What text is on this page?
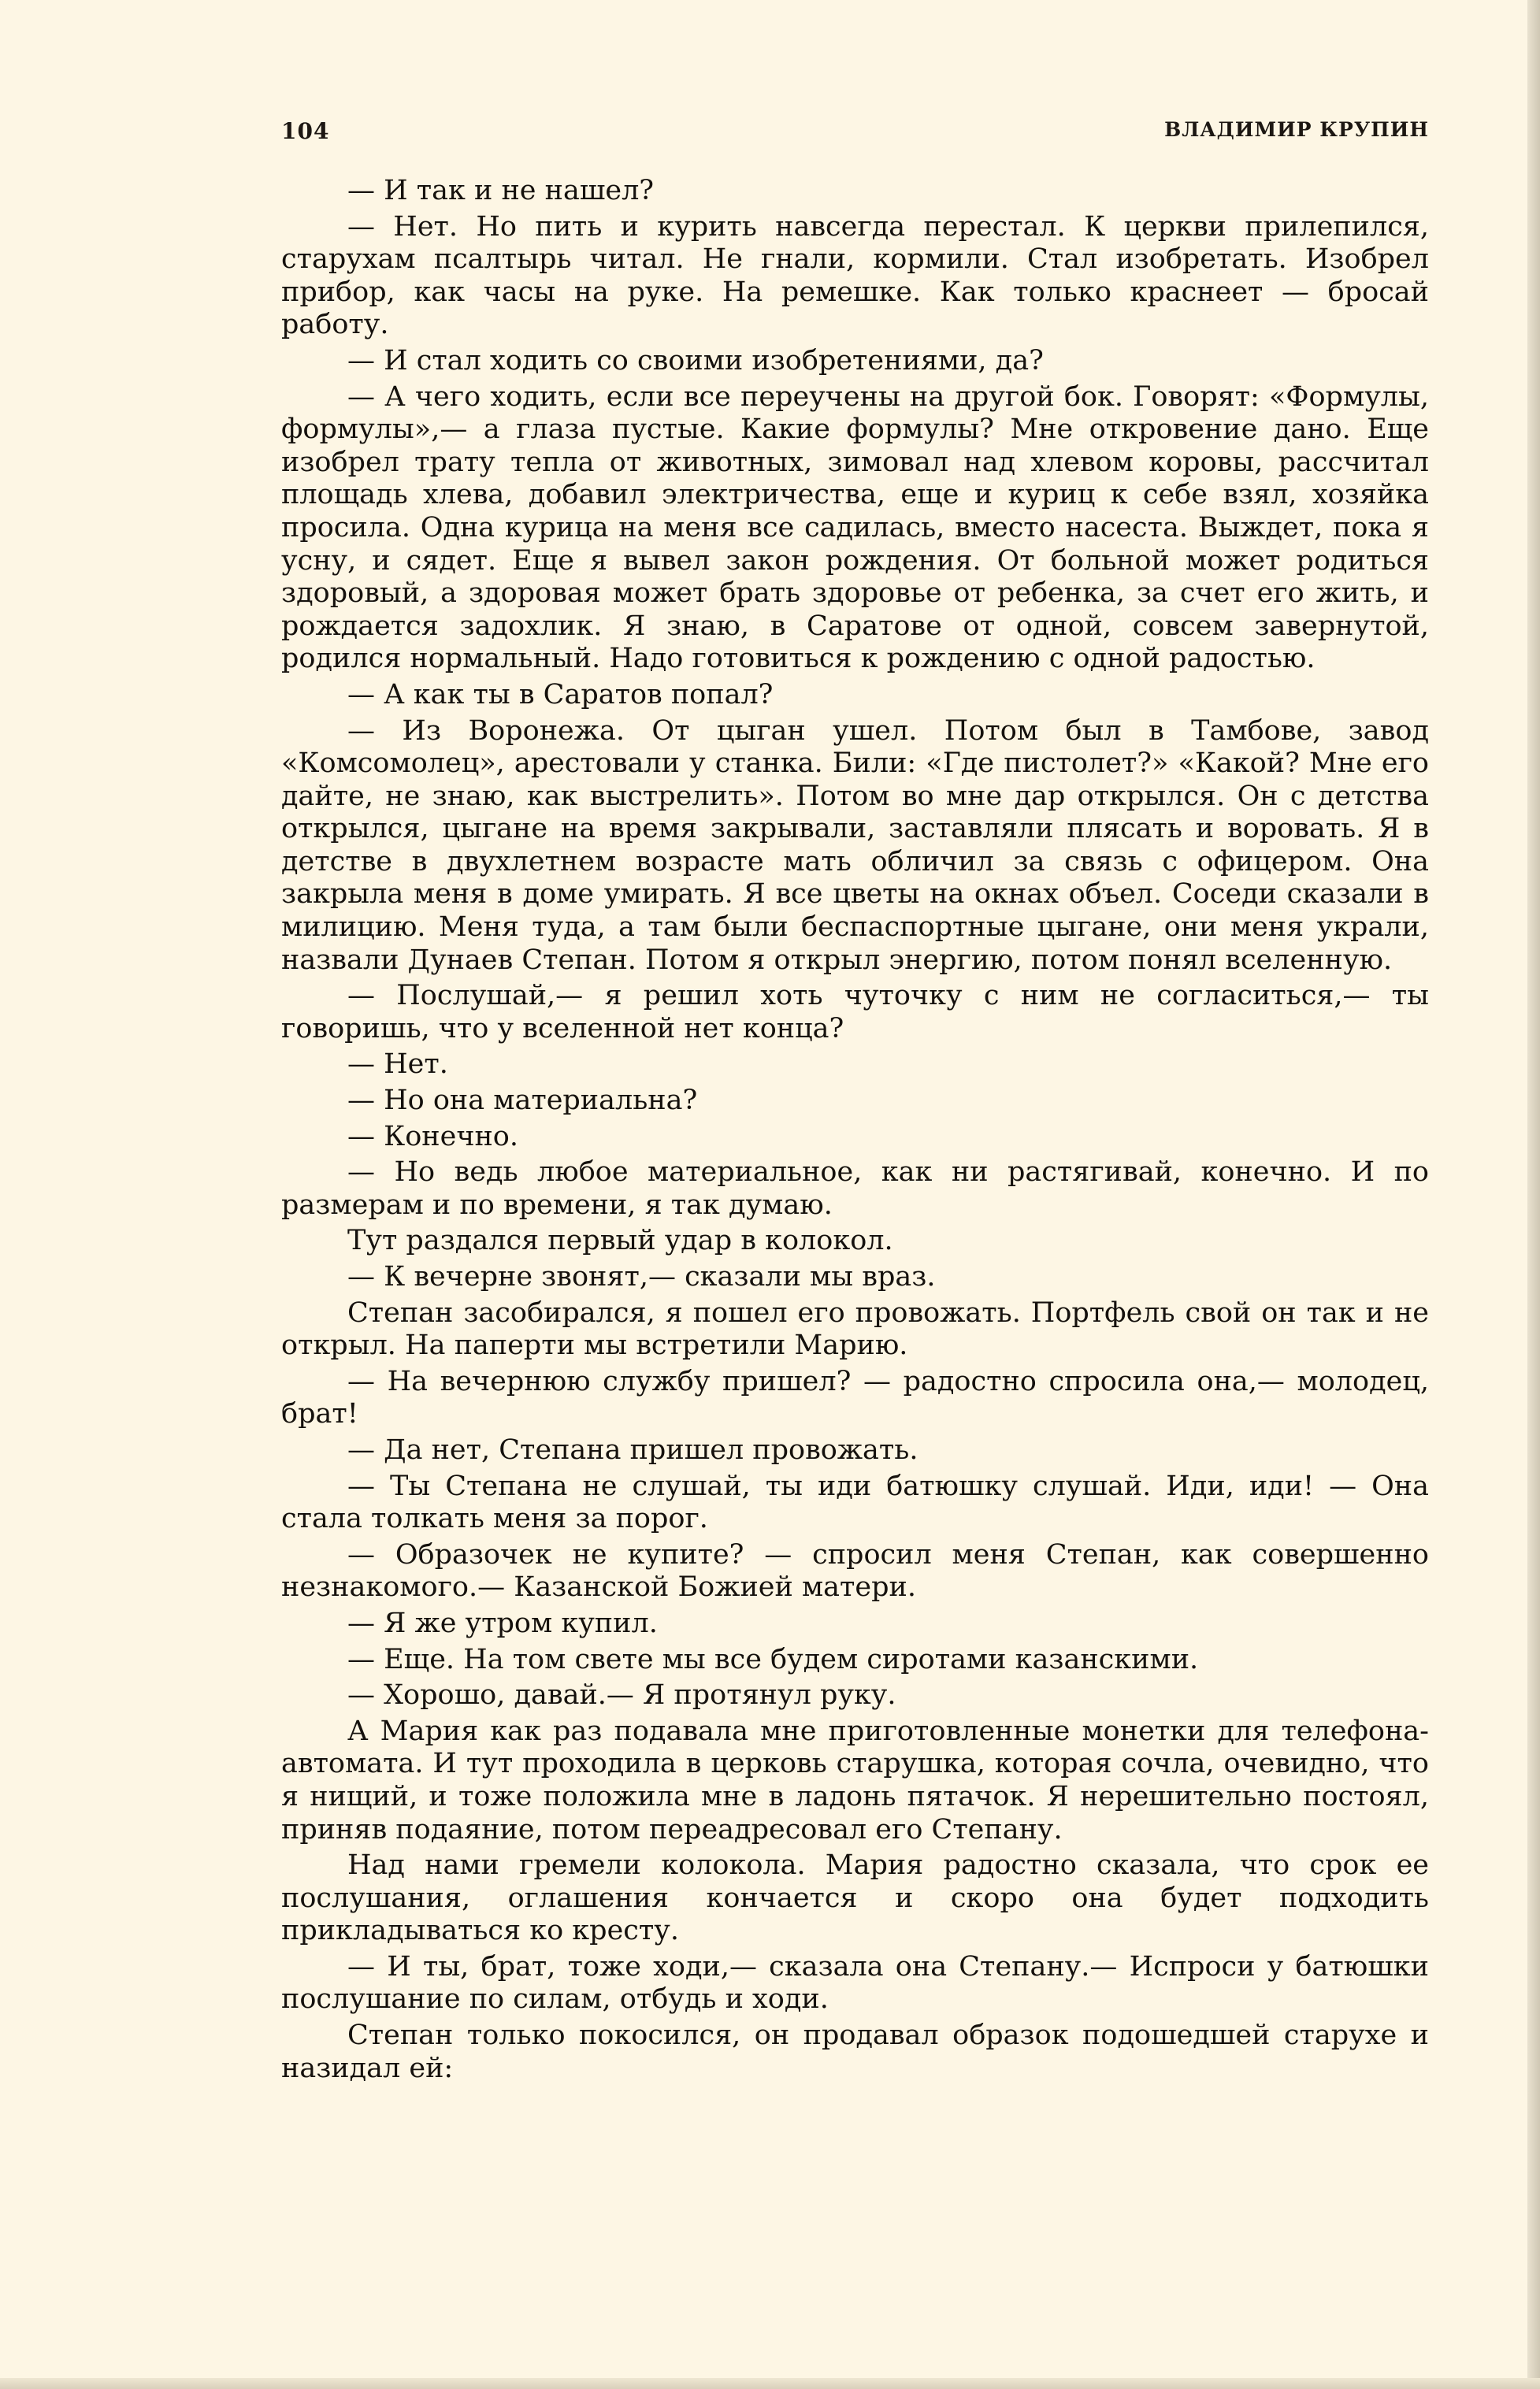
104	ВЛАДИМИР КРУПИН

— И так и не нашел?

— Нет. Но пить и курить навсегда перестал. К церкви прилепился, старухам псалтырь читал. Не гнали, кормили. Стал изобретать. Изобрел прибор, как часы на руке. На ремешке. Как только краснеет — бросай работу.

— И стал ходить со своими изобретениями, да?

— А чего ходить, если все переучены на другой бок. Говорят: «Формулы, формулы»,— а глаза пустые. Какие формулы? Мне откровение дано. Еще изобрел трату тепла от животных, зимовал над хлевом коровы, рассчитал площадь хлева, добавил электричества, еще и куриц к себе взял, хозяйка просила. Одна курица на меня все садилась, вместо насеста. Выждет, пока я усну, и сядет. Еще я вывел закон рождения. От больной может родиться здоровый, а здоровая может брать здоровье от ребенка, за счет его жить, и рождается задохлик. Я знаю, в Саратове от одной, совсем завернутой, родился нормальный. Надо готовиться к рождению с одной радостью.

— А как ты в Саратов попал?

— Из Воронежа. От цыган ушел. Потом был в Тамбове, завод «Комсомолец», арестовали у станка. Били: «Где пистолет?» «Какой? Мне его дайте, не знаю, как выстрелить». Потом во мне дар открылся. Он с детства открылся, цыгане на время закрывали, заставляли плясать и воровать. Я в детстве в двухлетнем возрасте мать обличил за связь с офицером. Она закрыла меня в доме умирать. Я все цветы на окнах объел. Соседи сказали в милицию. Меня туда, а там были беспаспортные цыгане, они меня украли, назвали Дунаев Степан. Потом я открыл энергию, потом понял вселенную.

— Послушай,— я решил хоть чуточку с ним не согласиться,— ты говоришь, что у вселенной нет конца?

— Нет.

— Но она материальна?

— Конечно.

— Но ведь любое материальное, как ни растягивай, конечно. И по размерам и по времени, я так думаю.

Тут раздался первый удар в колокол.

— К вечерне звонят,— сказали мы враз.

Степан засобирался, я пошел его провожать. Портфель свой он так и не открыл. На паперти мы встретили Марию.

— На вечернюю службу пришел? — радостно спросила она,— молодец, брат!

— Да нет, Степана пришел провожать.

— Ты Степана не слушай, ты иди батюшку слушай. Иди, иди! — Она стала толкать меня за порог.

— Образочек не купите? — спросил меня Степан, как совершенно незнакомого.— Казанской Божией матери.

— Я же утром купил.

— Еще. На том свете мы все будем сиротами казанскими.

— Хорошо, давай.— Я протянул руку.

А Мария как раз подавала мне приготовленные монетки для телефона-автомата. И тут проходила в церковь старушка, которая сочла, очевидно, что я нищий, и тоже положила мне в ладонь пятачок. Я нерешительно постоял, приняв подаяние, потом переадресовал его Степану.

Над нами гремели колокола. Мария радостно сказала, что срок ее послушания, оглашения кончается и скоро она будет подходить прикладываться ко кресту.

— И ты, брат, тоже ходи,— сказала она Степану.— Испроси у батюшки послушание по силам, отбудь и ходи.

Степан только покосился, он продавал образок подошедшей старухе и назидал ей:
